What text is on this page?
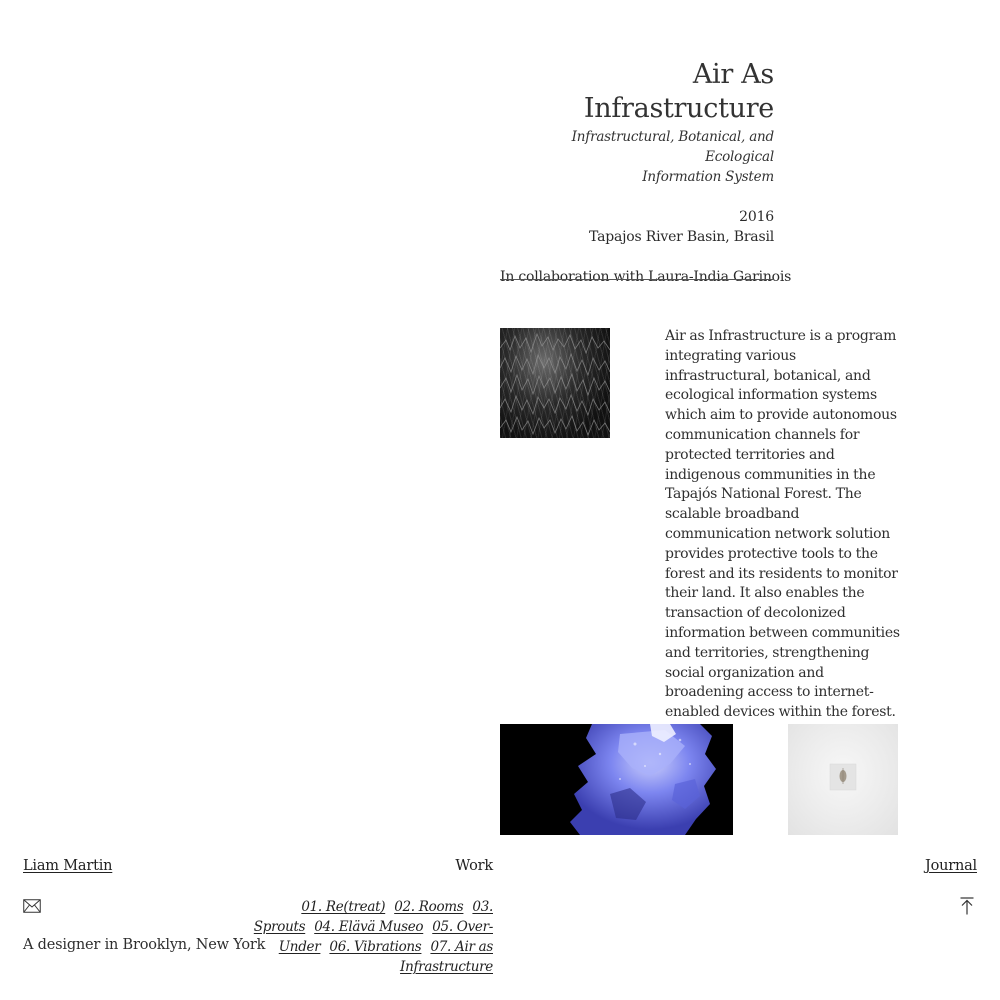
Air As Infrastructure
Infrastructural, Botanical, and Ecological
Information System
2016
Tapajos River Basin, Brasil
In collaboration with Laura-India Garinois

Air as Infrastructure is a program integrating various infrastructural, botanical, and ecological information systems which aim to provide autonomous communication channels for protected territories and indigenous communities in the Tapajós National Forest. The scalable broadband communication network solution provides protective tools to the forest and its residents to monitor their land. It also enables the transaction of decolonized information between communities and territories, strengthening social organization and broadening access to internet-enabled devices within the forest.

Liam Martin
A designer in Brooklyn, New York
Work
01. Re(treat) 02. Rooms 03. Sprouts 04. Elävä Museo 05. Over-Under 06. Vibrations 07. Air as Infrastructure
Journal
